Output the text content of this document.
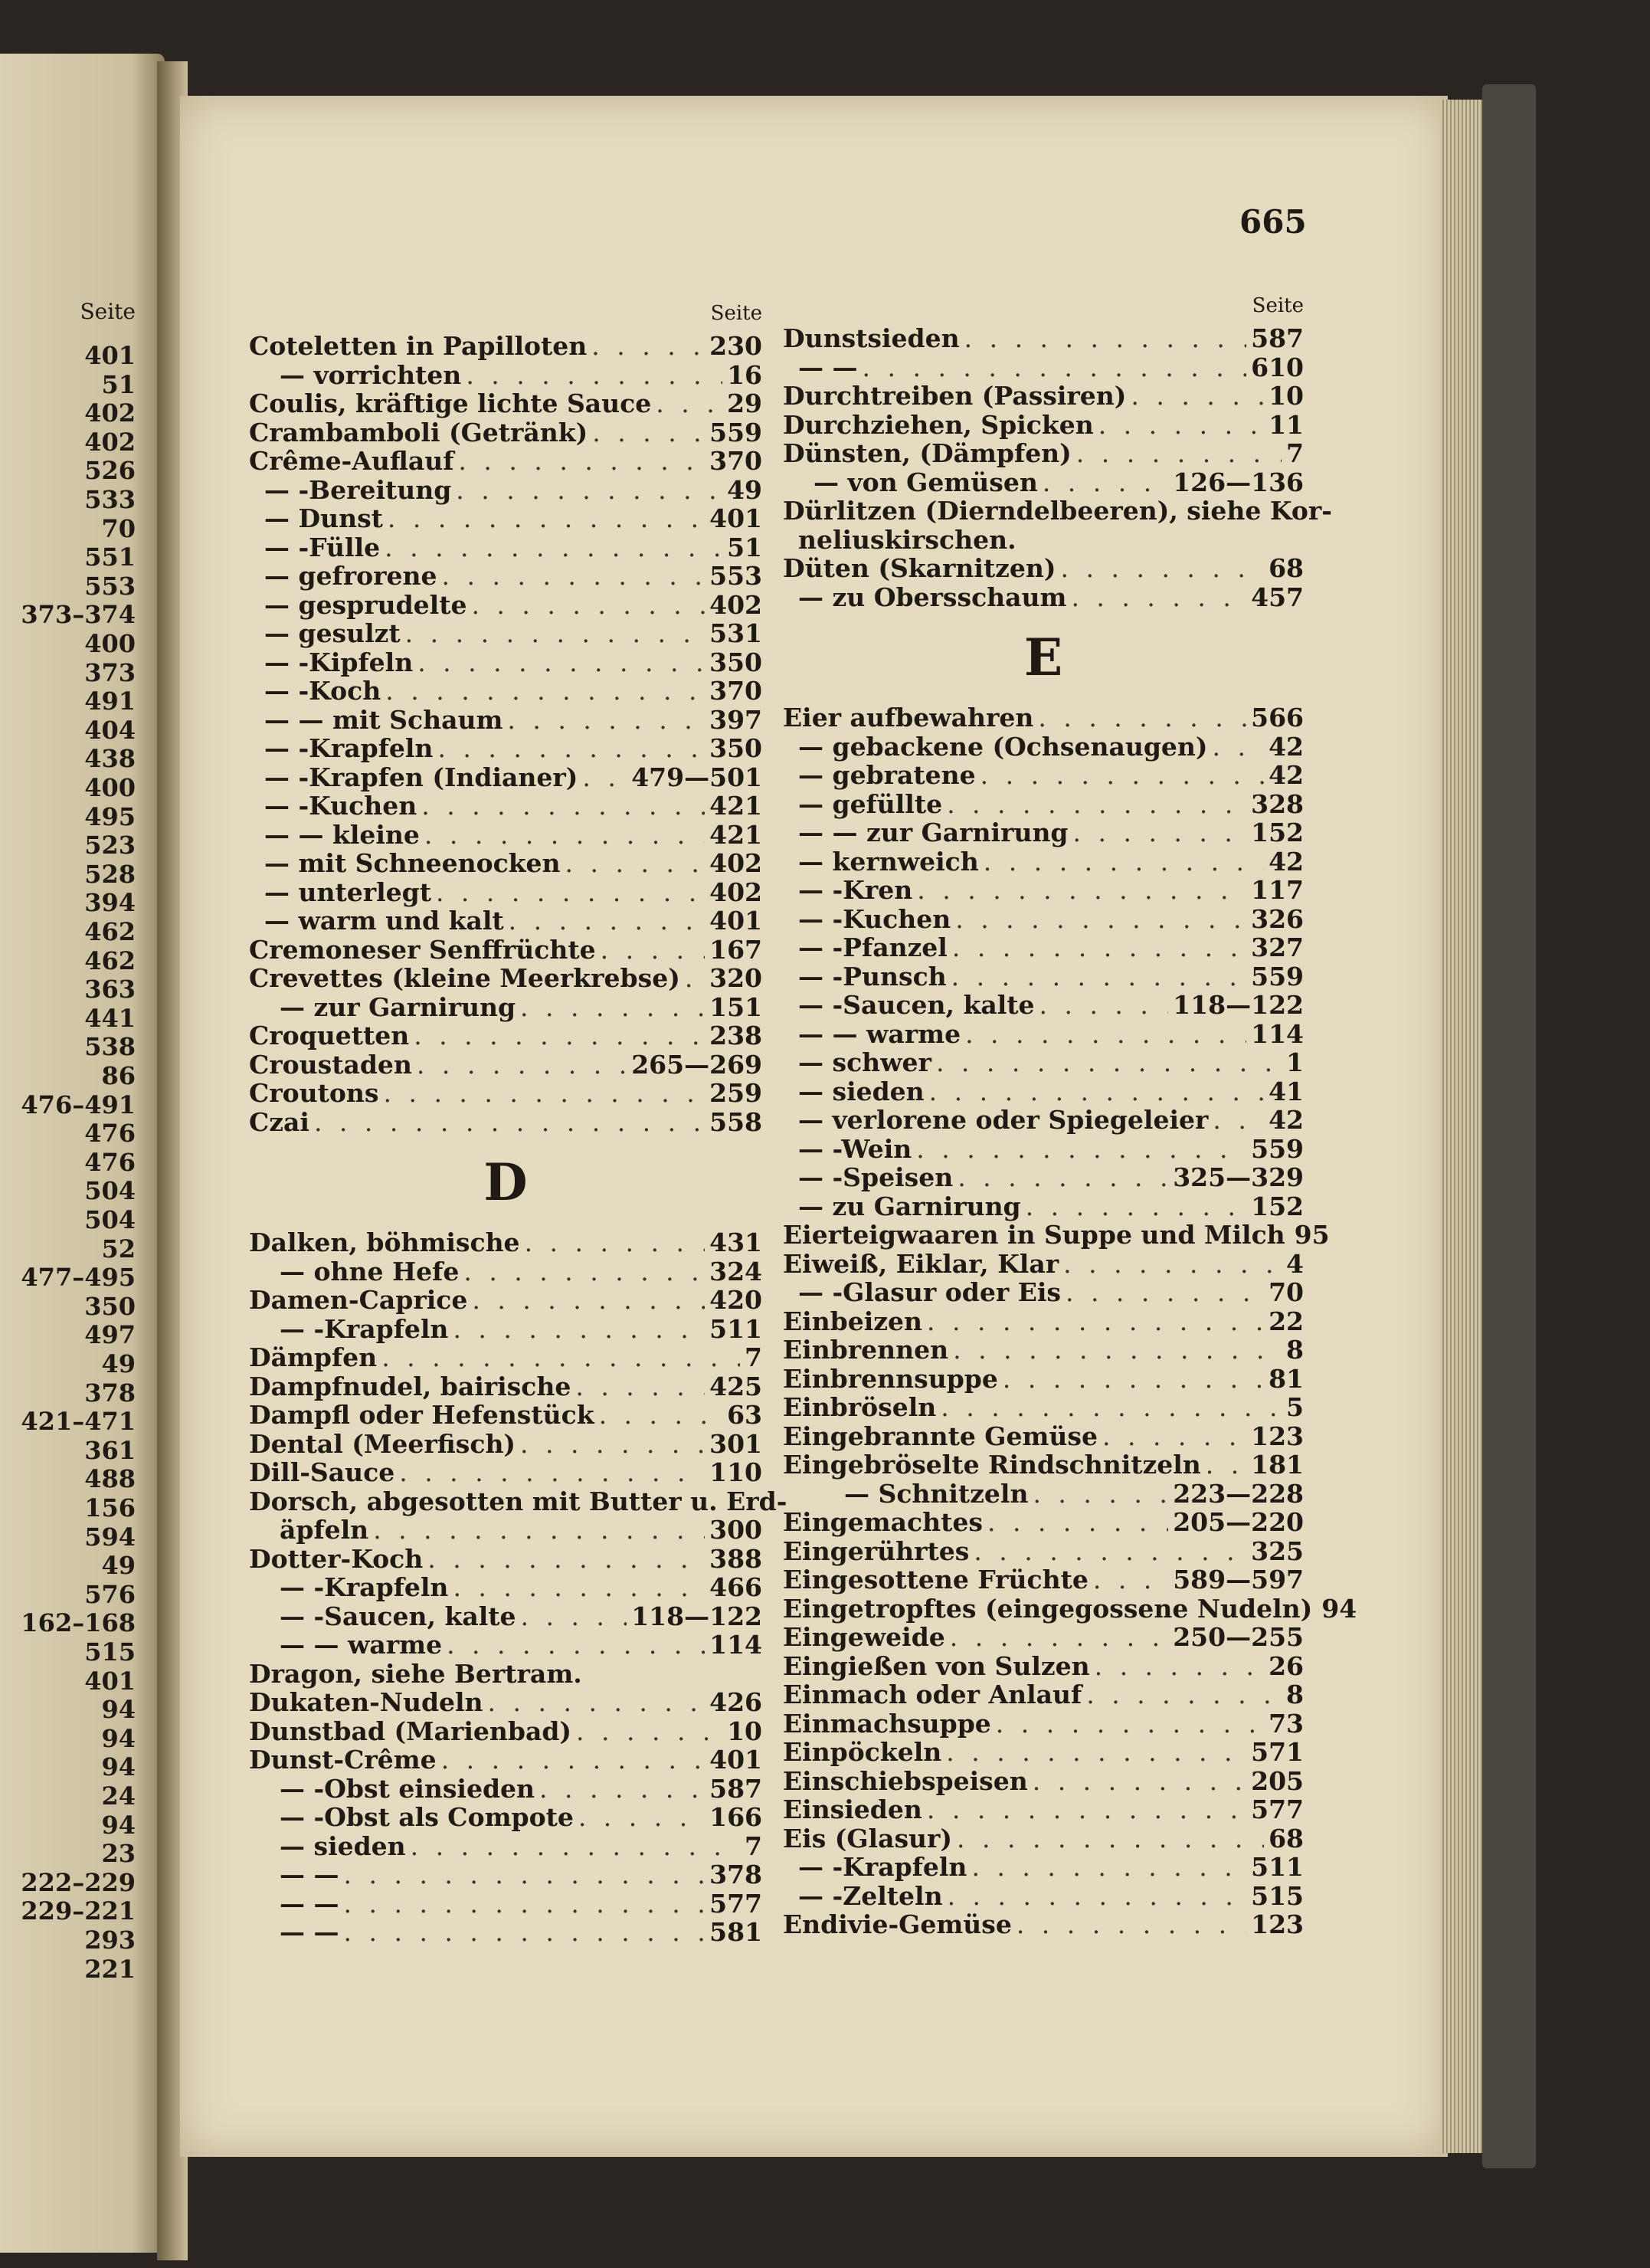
Seite
401
51
402
402
526
533
70
551
553
373–374
400
373
491
404
438
400
495
523
528
394
462
462
363
441
538
86
476–491
476
476
504
504
52
477–495
350
497
49
378
421–471
361
488
156
594
49
576
162–168
515
401
94
94
94
24
94
23
222–229
229–221
293
221
665
Seite
Coteletten in Papilloten . . .	230
— vorrichten . . .	16
Coulis, kräftige lichte Sauce . . .	29
Crambamboli (Getränk) . . .	559
Crême-Auflauf . . .	370
— -Bereitung . . .	49
— Dunst . . .	401
— -Fülle . . .	51
— gefrorene . . .	553
— gesprudelte . . .	402
— gesulzt . . .	531
— -Kipfeln . . .	350
— -Koch . . .	370
— — mit Schaum . . .	397
— -Krapfeln . . .	350
— -Krapfen (Indianer) . . . 479—501
— -Kuchen . . .	421
— — kleine . . .	421
— mit Schneenocken . . .	402
— unterlegt . . .	402
— warm und kalt . . .	401
Cremoneser Senffrüchte . . .	167
Crevettes (kleine Meerkrebse) . . . 320
— zur Garnirung . . .	151
Croquetten . . .	238
Croustaden . . .	265—269
Croutons . . .	259
Czai . . .	558
D
Dalken, böhmische . . .	431
— ohne Hefe . . .	324
Damen-Caprice . . .	420
— -Krapfeln . . .	511
Dämpfen . . .	7
Dampfnudel, bairische . . .	425
Dampfl oder Hefenstück . . .	63
Dental (Meerfisch) . . .	301
Dill-Sauce . . .	110
Dorsch, abgesotten mit Butter u. Erd-
äpfeln . . .	300
Dotter-Koch . . .	388
— -Krapfeln . . .	466
— -Saucen, kalte . . .	118—122
— — warme . . .	114
Dragon, siehe Bertram.
Dukaten-Nudeln . . .	426
Dunstbad (Marienbad) . . .	10
Dunst-Crême . . .	401
— -Obst einsieden . . .	587
— -Obst als Compote . . .	166
— sieden . . .	7
— — . . .	378
— — . . .	577
— — . . .	581
Seite
Dunstsieden . . .	587
— — . . .	610
Durchtreiben (Passiren) . . .	10
Durchziehen, Spicken . . .	11
Dünsten, (Dämpfen) . . .	7
— von Gemüsen . . .	126—136
Dürlitzen (Dierndelbeeren), siehe Kor-
neliuskirschen.
Düten (Skarnitzen) . . .	68
— zu Obersschaum . . .	457
E
Eier aufbewahren . . .	566
— gebackene (Ochsenaugen) . . . 42
— gebratene . . .	42
— gefüllte . . .	328
— — zur Garnirung . . .	152
— kernweich . . .	42
— -Kren . . .	117
— -Kuchen . . .	326
— -Pfanzel . . .	327
— -Punsch . . .	559
— -Saucen, kalte . . .	118—122
— — warme . . .	114
— schwer . . .	1
— sieden . . .	41
— verlorene oder Spiegeleier . . . 42
— -Wein . . .	559
— -Speisen . . .	325—329
— zu Garnirung . . .	152
Eierteigwaaren in Suppe und Milch 95
Eiweiß, Eiklar, Klar . . .	4
— -Glasur oder Eis . . .	70
Einbeizen . . .	22
Einbrennen . . .	8
Einbrennsuppe . . .	81
Einbröseln . . .	5
Eingebrannte Gemüse . . .	123
Eingebröselte Rindschnitzeln . . . 181
— Schnitzeln . . .	223—228
Eingemachtes . . .	205—220
Eingerührtes . . .	325
Eingesottene Früchte . . .	589—597
Eingetropftes (eingegossene Nudeln) 94
Eingeweide . . .	250—255
Eingießen von Sulzen . . .	26
Einmach oder Anlauf . . .	8
Einmachsuppe . . .	73
Einpöckeln . . .	571
Einschiebspeisen . . .	205
Einsieden . . .	577
Eis (Glasur) . . .	68
— -Krapfeln . . .	511
— -Zelteln . . .	515
Endivie-Gemüse . . .	123
